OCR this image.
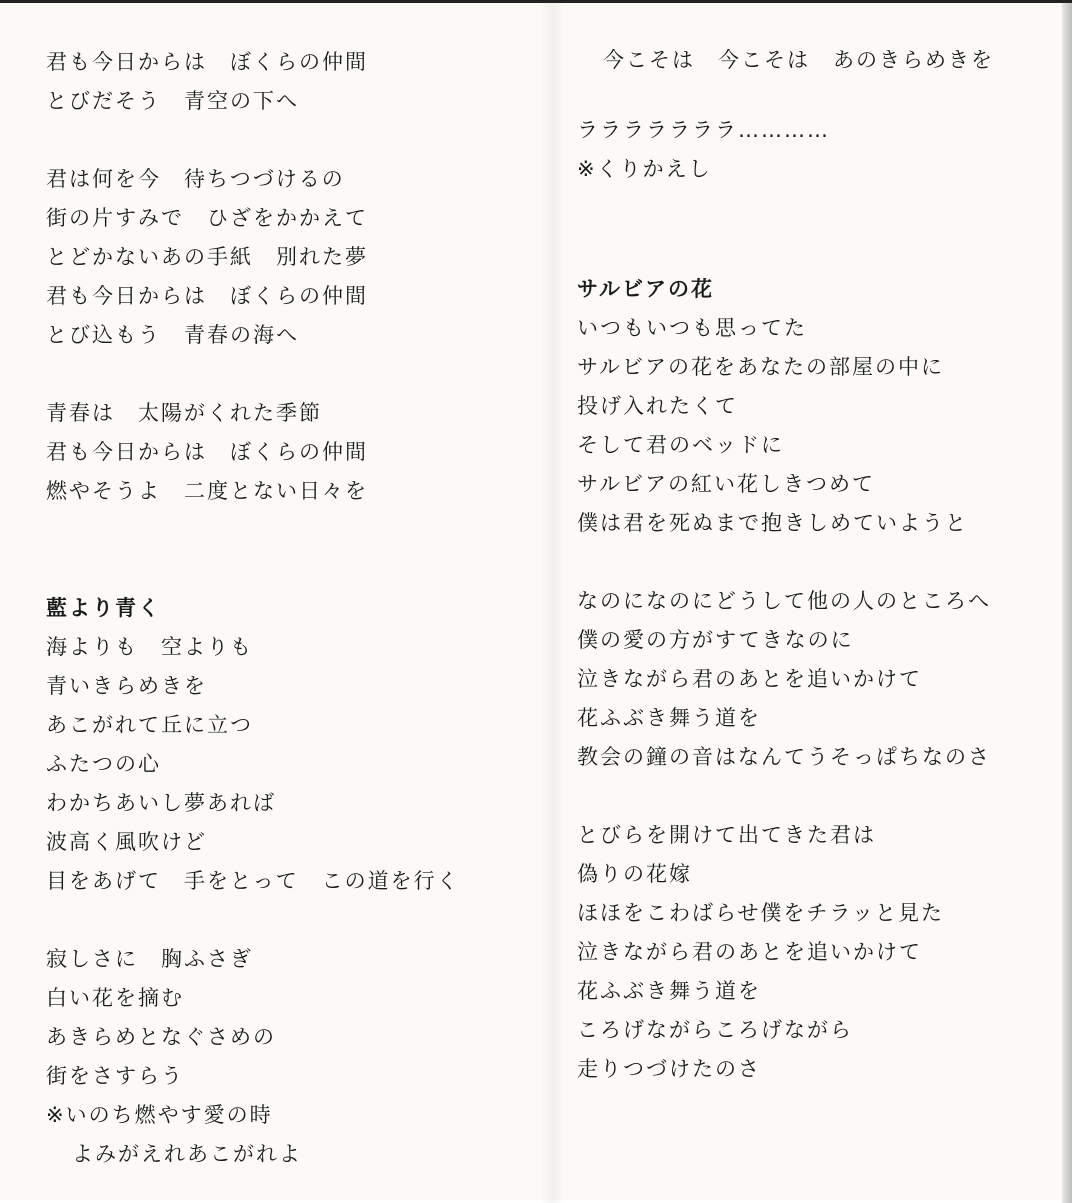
君も今日からは　ぼくらの仲間
とびだそう　青空の下へ
君は何を今　待ちつづけるの
街の片すみで　ひざをかかえて
とどかないあの手紙　別れた夢
君も今日からは　ぼくらの仲間
とび込もう　青春の海へ
青春は　太陽がくれた季節
君も今日からは　ぼくらの仲間
燃やそうよ　二度とない日々を
藍より青く
海よりも　空よりも
青いきらめきを
あこがれて丘に立つ
ふたつの心
わかちあいし夢あれば
波高く風吹けど
目をあげて　手をとって　この道を行く
寂しさに　胸ふさぎ
白い花を摘む
あきらめとなぐさめの
街をさすらう
※いのち燃やす愛の時
よみがえれあこがれよ
今こそは　今こそは　あのきらめきを
ラララララララ…………
※くりかえし
サルビアの花
いつもいつも思ってた
サルビアの花をあなたの部屋の中に
投げ入れたくて
そして君のベッドに
サルビアの紅い花しきつめて
僕は君を死ぬまで抱きしめていようと
なのになのにどうして他の人のところへ
僕の愛の方がすてきなのに
泣きながら君のあとを追いかけて
花ふぶき舞う道を
教会の鐘の音はなんてうそっぱちなのさ
とびらを開けて出てきた君は
偽りの花嫁
ほほをこわばらせ僕をチラッと見た
泣きながら君のあとを追いかけて
花ふぶき舞う道を
ころげながらころげながら
走りつづけたのさ
